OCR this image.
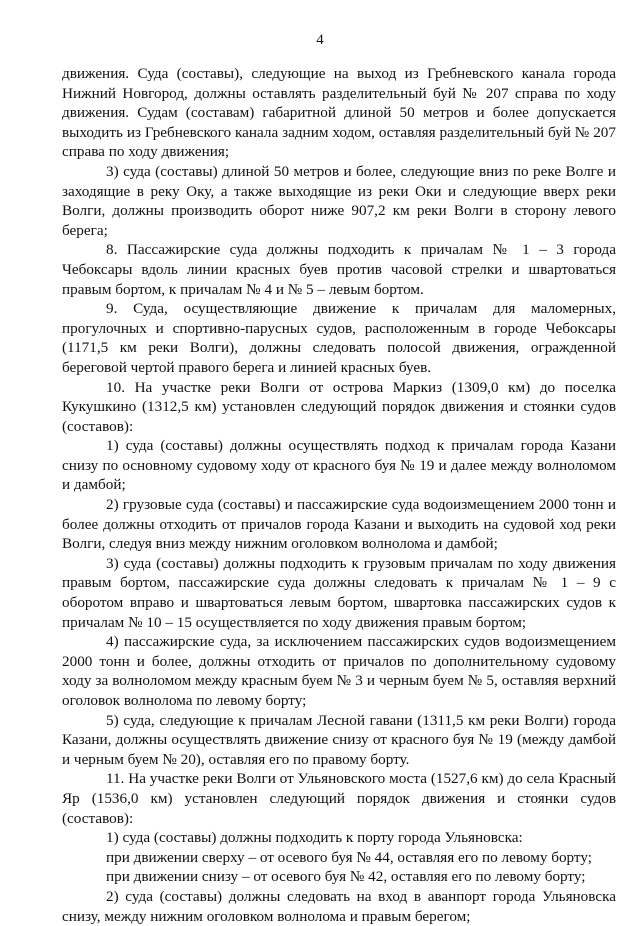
4

движения. Суда (составы), следующие на выход из Гребневского канала города Нижний Новгород, должны оставлять разделительный буй № 207 справа по ходу движения. Судам (составам) габаритной длиной 50 метров и более допускается выходить из Гребневского канала задним ходом, оставляя разделительный буй № 207 справа по ходу движения;

3) суда (составы) длиной 50 метров и более, следующие вниз по реке Волге и заходящие в реку Оку, а также выходящие из реки Оки и следующие вверх реки Волги, должны производить оборот ниже 907,2 км реки Волги в сторону левого берега;

8. Пассажирские суда должны подходить к причалам № 1 – 3 города Чебоксары вдоль линии красных буев против часовой стрелки и швартоваться правым бортом, к причалам № 4 и № 5 – левым бортом.

9. Суда, осуществляющие движение к причалам для маломерных, прогулочных и спортивно-парусных судов, расположенным в городе Чебоксары (1171,5 км реки Волги), должны следовать полосой движения, огражденной береговой чертой правого берега и линией красных буев.

10. На участке реки Волги от острова Маркиз (1309,0 км) до поселка Кукушкино (1312,5 км) установлен следующий порядок движения и стоянки судов (составов):

1) суда (составы) должны осуществлять подход к причалам города Казани снизу по основному судовому ходу от красного буя № 19 и далее между волноломом и дамбой;

2) грузовые суда (составы) и пассажирские суда водоизмещением 2000 тонн и более должны отходить от причалов города Казани и выходить на судовой ход реки Волги, следуя вниз между нижним оголовком волнолома и дамбой;

3) суда (составы) должны подходить к грузовым причалам по ходу движения правым бортом, пассажирские суда должны следовать к причалам № 1 – 9 с оборотом вправо и швартоваться левым бортом, швартовка пассажирских судов к причалам № 10 – 15 осуществляется по ходу движения правым бортом;

4) пассажирские суда, за исключением пассажирских судов водоизмещением 2000 тонн и более, должны отходить от причалов по дополнительному судовому ходу за волноломом между красным буем № 3 и черным буем № 5, оставляя верхний оголовок волнолома по левому борту;

5) суда, следующие к причалам Лесной гавани (1311,5 км реки Волги) города Казани, должны осуществлять движение снизу от красного буя № 19 (между дамбой и черным буем № 20), оставляя его по правому борту.

11. На участке реки Волги от Ульяновского моста (1527,6 км) до села Красный Яр (1536,0 км) установлен следующий порядок движения и стоянки судов (составов):

1) суда (составы) должны подходить к порту города Ульяновска:

при движении сверху – от осевого буя № 44, оставляя его по левому борту;

при движении снизу – от осевого буя № 42, оставляя его по левому борту;

2) суда (составы) должны следовать на вход в аванпорт города Ульяновска снизу, между нижним оголовком волнолома и правым берегом;
